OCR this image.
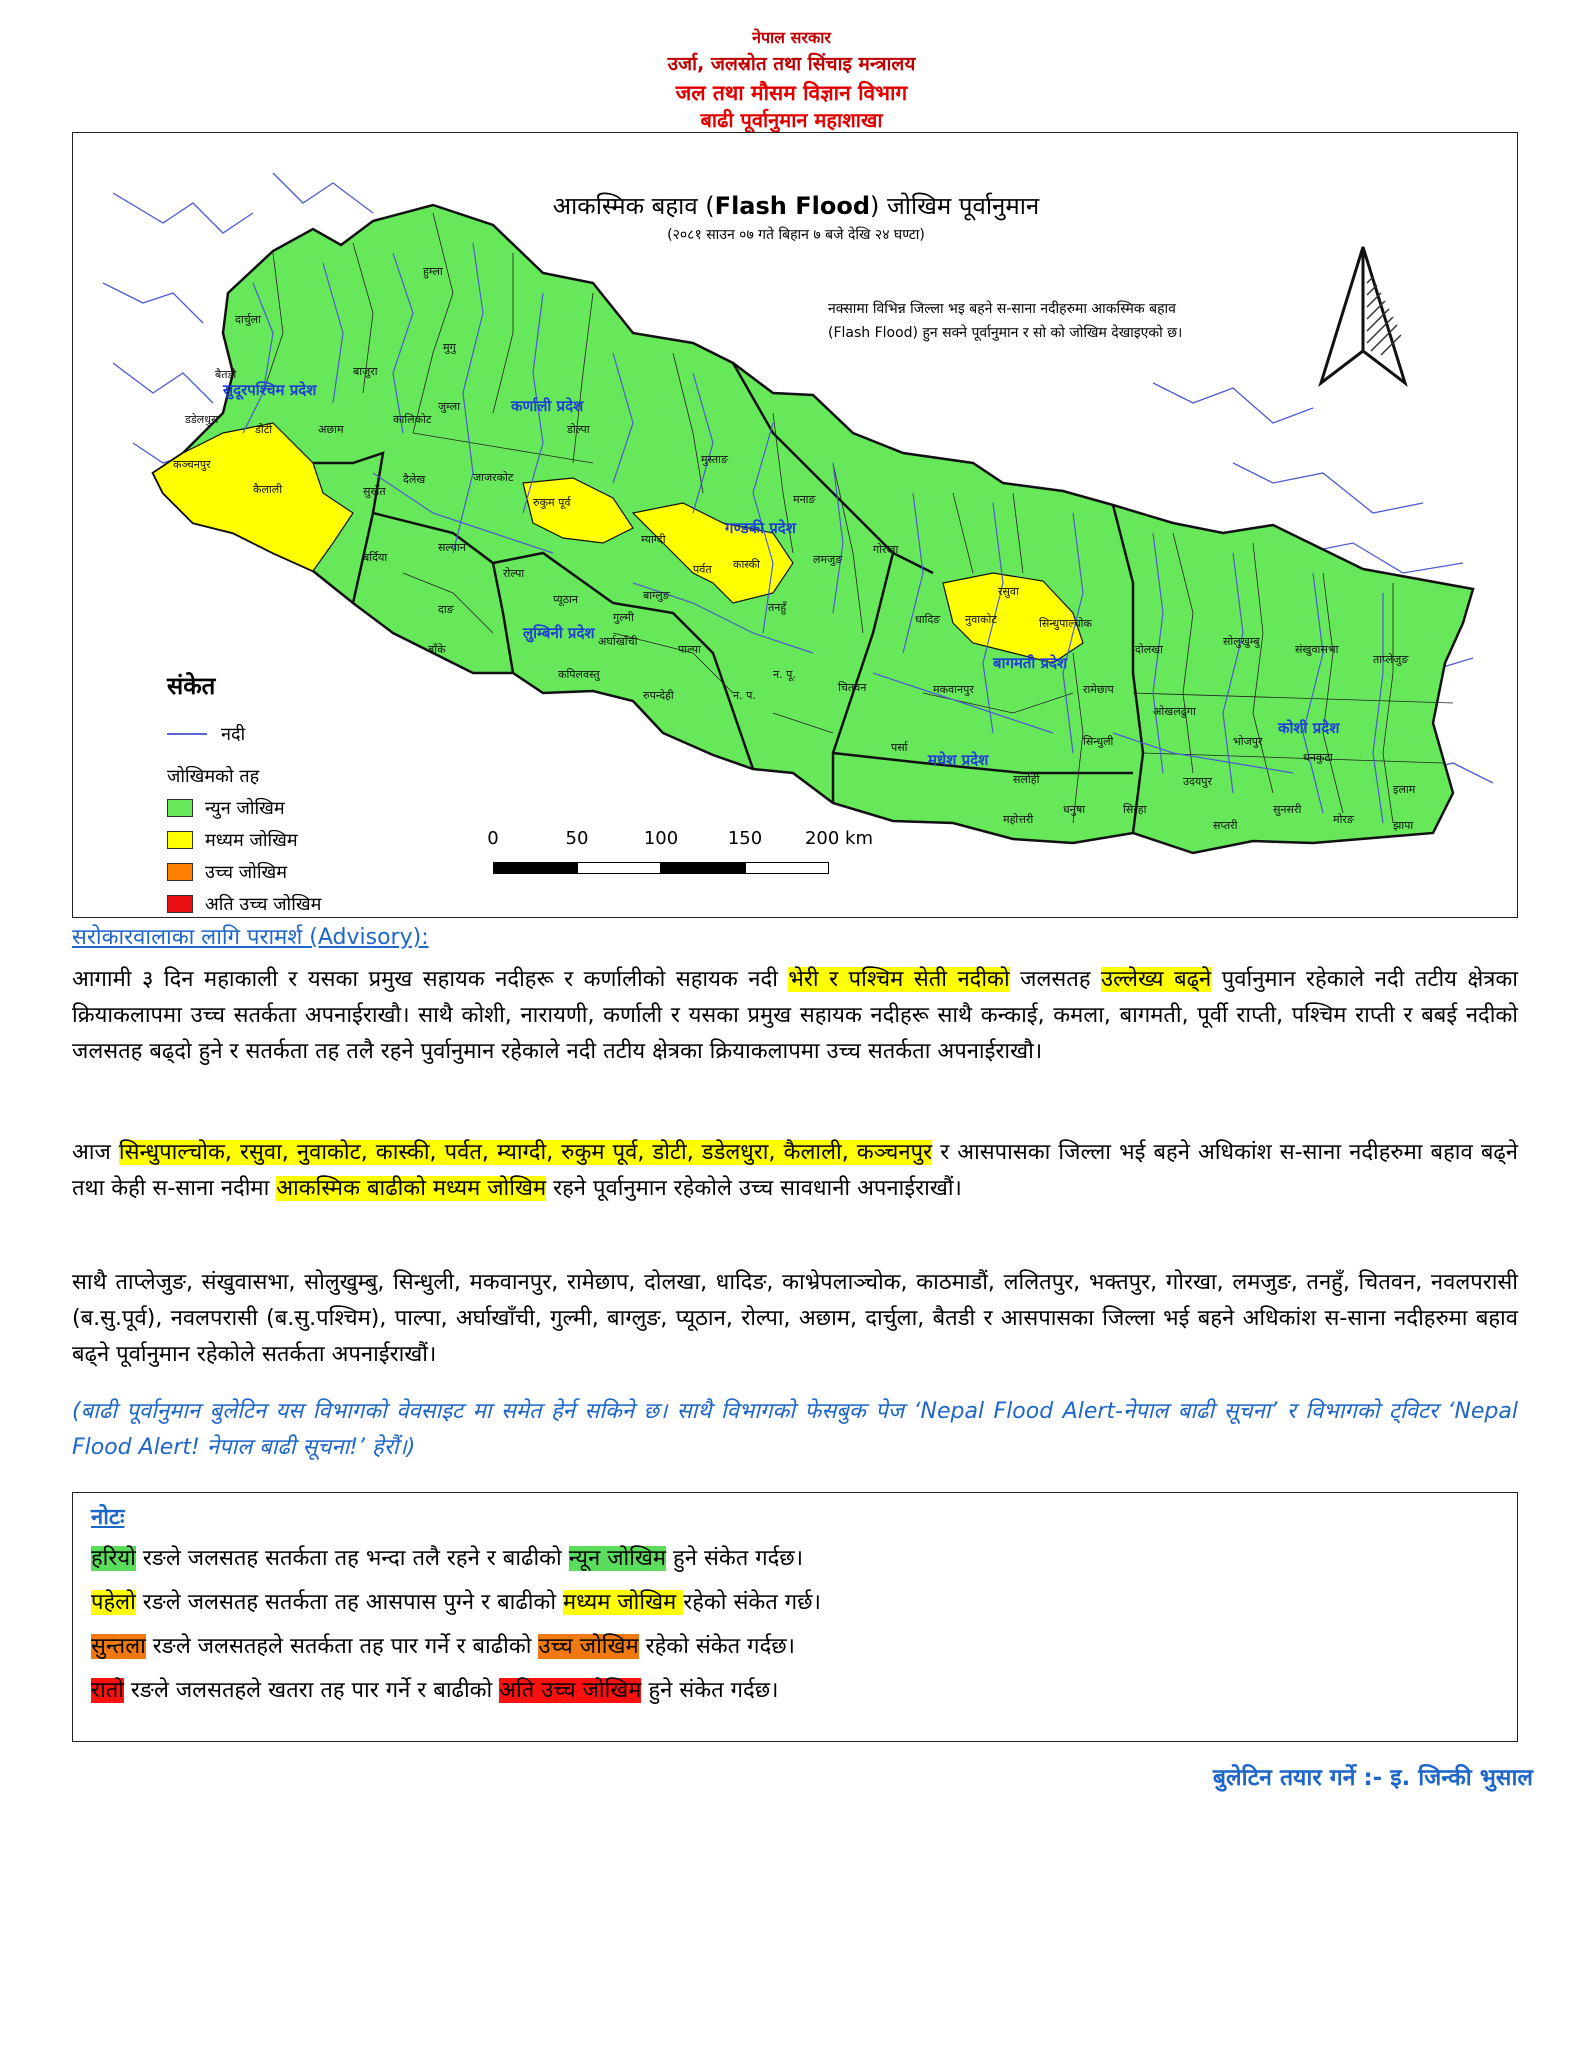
नेपाल सरकार
उर्जा, जलस्रोत तथा सिंचाइ मन्त्रालय
जल तथा मौसम विज्ञान विभाग
बाढी पूर्वानुमान महाशाखा
सुदूरपश्चिम प्रदेश
कर्णाली प्रदेश
लुम्बिनी प्रदेश
गण्डकी प्रदेश
बागमती प्रदेश
मधेश प्रदेश
कोशी प्रदेश
दार्चुला
बैतडी
डडेलधुरा
कञ्चनपुर
कैलाली
डोटी	अछाम
बाजुरा
हुम्ला
मुगु
जुम्ला
डोल्पा
कालिकोट
सुर्खेत
बर्दिया
सल्यान
दाङ
रुकुम पूर्व
म्याग्दी
पर्वत कास्की
मुस्ताङ
मनाङ
गोरखा
रसुवा
नुवाकोट	सिन्धुपाल्चोक
धादिङ
पाल्पा
चितवन	मकवानपुर	रामेछाप
सिन्धुली
दोलखा
सोलुखुम्बु
संखुवासभा
ताप्लेजुङ
ओखलढुंगा
भोजपुर
धनकुटा
इलाम
झापा
मोरङ
सुनसरी
सप्तरी
सिरहा
उदयपुर
धनुषा
महोत्तरी
सर्लाही
पर्सा
रुपन्देही
कपिलवस्तु
बाँके
गुल्मी
बाग्लुङ
तनहुँ
लमजुङ
जाजरकोट
दैलेख
रोल्पा
प्यूठान
अर्घाखाँची
न. पू.
न. प.
आकस्मिक बहाव (Flash Flood) जोखिम पूर्वानुमान
(२०८१ साउन ०७ गते बिहान ७ बजे देखि २४ घण्टा)
नक्सामा विभिन्न जिल्ला भइ बहने स-साना नदीहरुमा आकस्मिक बहाव
(Flash Flood) हुन सक्ने पूर्वानुमान र सो को जोखिम देखाइएको छ।
संकेत
नदी
जोखिमको तह
न्युन जोखिम
मध्यम जोखिम
उच्च जोखिम
अति उच्च जोखिम
0	50	100	150 200 km
सरोकारवालाका लागि परामर्श (Advisory):
आगामी ३ दिन महाकाली र यसका प्रमुख सहायक नदीहरू र कर्णालीको सहायक नदी भेरी र पश्चिम सेती नदीको जलसतह उल्लेख्य बढ्ने पुर्वानुमान रहेकाले नदी तटीय क्षेत्रका क्रियाकलापमा उच्च सतर्कता अपनाईराखौ। साथै कोशी, नारायणी, कर्णाली र यसका प्रमुख सहायक नदीहरू साथै कन्काई, कमला, बागमती, पूर्वी राप्ती, पश्चिम राप्ती र बबई नदीको जलसतह बढ्दो हुने र सतर्कता तह तलै रहने पुर्वानुमान रहेकाले नदी तटीय क्षेत्रका क्रियाकलापमा उच्च सतर्कता अपनाईराखौ।
आज सिन्धुपाल्चोक, रसुवा, नुवाकोट, कास्की, पर्वत, म्याग्दी, रुकुम पूर्व, डोटी, डडेलधुरा, कैलाली, कञ्चनपुर र आसपासका जिल्ला भई बहने अधिकांश स-साना नदीहरुमा बहाव बढ्ने तथा केही स-साना नदीमा आकस्मिक बाढीको मध्यम जोखिम रहने पूर्वानुमान रहेकोले उच्च सावधानी अपनाईराखौं।
साथै ताप्लेजुङ, संखुवासभा, सोलुखुम्बु, सिन्धुली, मकवानपुर, रामेछाप, दोलखा, धादिङ, काभ्रेपलाञ्चोक, काठमाडौं, ललितपुर, भक्तपुर, गोरखा, लमजुङ, तनहुँ, चितवन, नवलपरासी (ब.सु.पूर्व), नवलपरासी (ब.सु.पश्चिम), पाल्पा, अर्घाखाँची, गुल्मी, बाग्लुङ, प्यूठान, रोल्पा, अछाम, दार्चुला, बैतडी र आसपासका जिल्ला भई बहने अधिकांश स-साना नदीहरुमा बहाव बढ्ने पूर्वानुमान रहेकोले सतर्कता अपनाईराखौं।
(बाढी पूर्वानुमान बुलेटिन यस विभागको वेवसाइट मा समेत हेर्न सकिने छ। साथै विभागको फेसबुक पेज ‘Nepal Flood Alert-नेपाल बाढी सूचना’ र विभागको ट्विटर ‘Nepal Flood Alert! नेपाल बाढी सूचना!’ हेरौं।)
नोटः
हरियो रङले जलसतह सतर्कता तह भन्दा तलै रहने र बाढीको न्यून जोखिम हुने संकेत गर्दछ।
पहेलो रङले जलसतह सतर्कता तह आसपास पुग्ने र बाढीको मध्यम जोखिम रहेको संकेत गर्छ।
सुन्तला रङले जलसतहले सतर्कता तह पार गर्ने र बाढीको उच्च जोखिम रहेको संकेत गर्दछ।
रातो रङले जलसतहले खतरा तह पार गर्ने र बाढीको अति उच्च जोखिम हुने संकेत गर्दछ।
बुलेटिन तयार गर्ने :- इ. जिन्की भुसाल
